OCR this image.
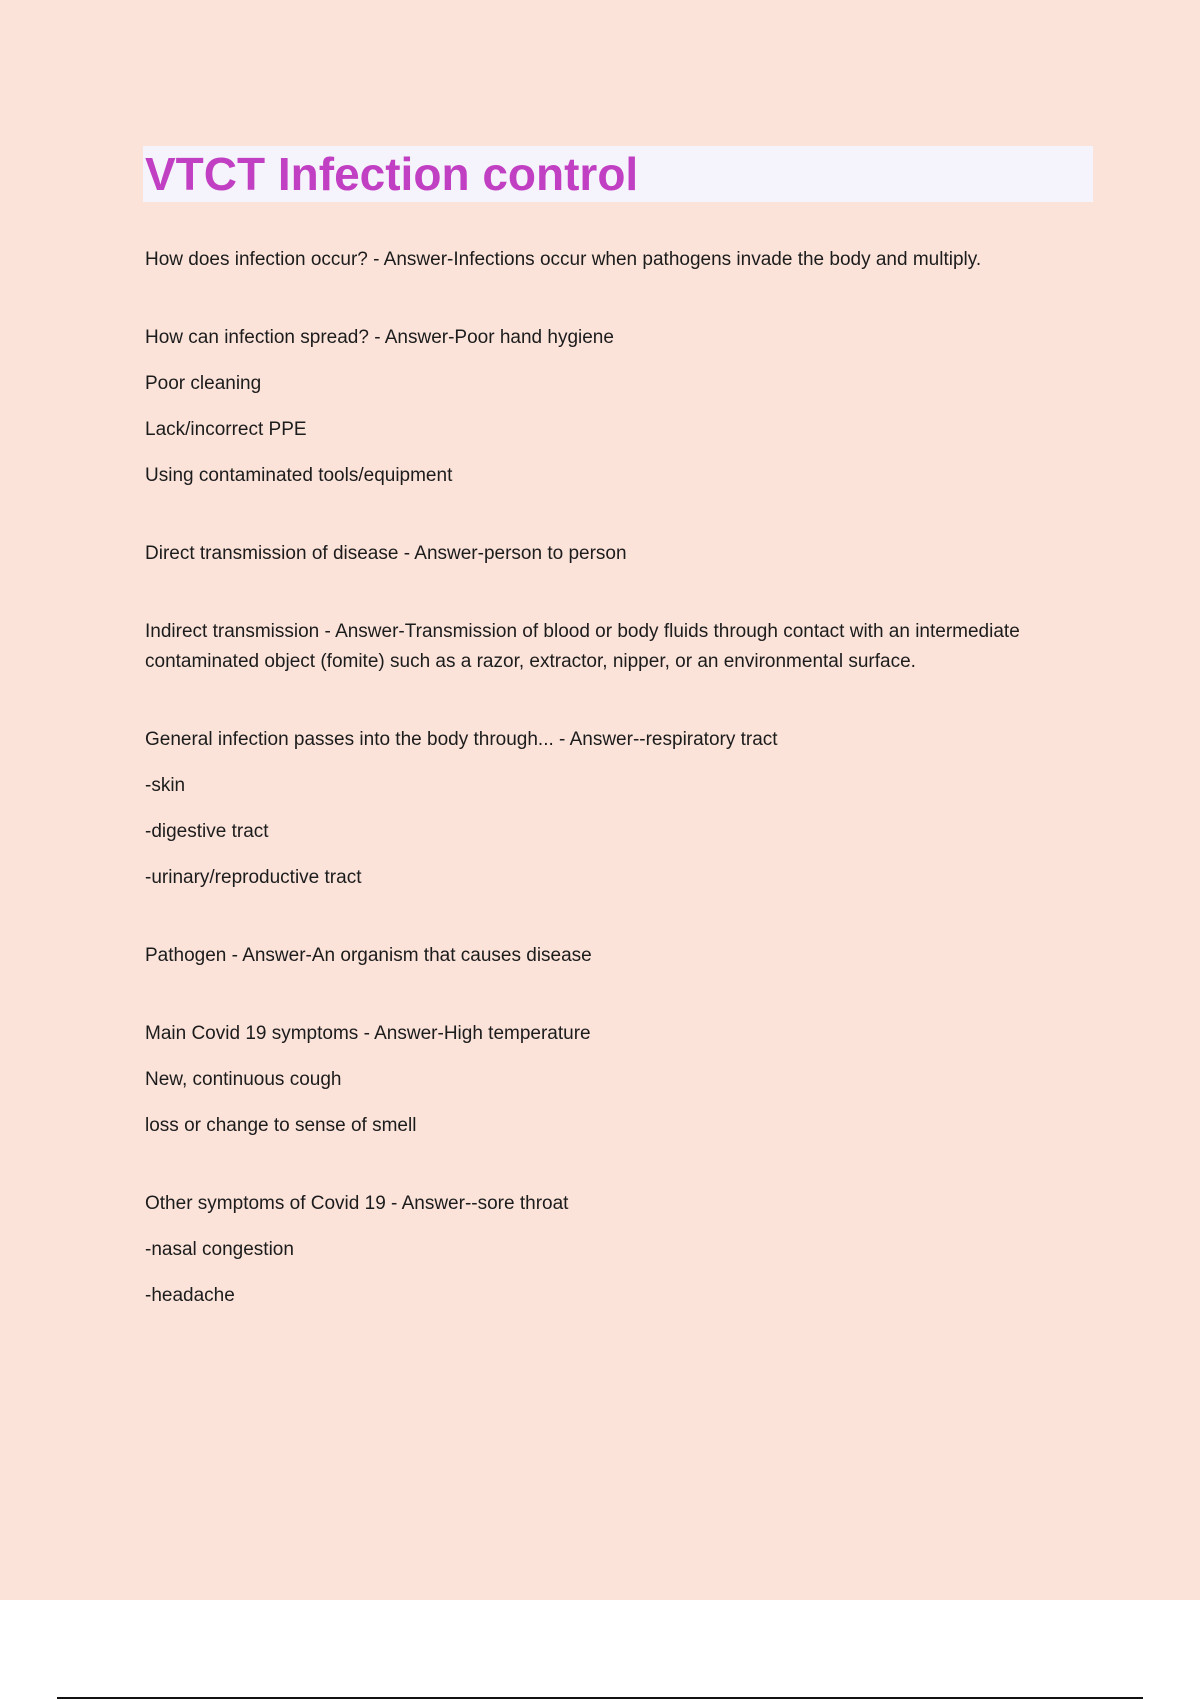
VTCT Infection control
How does infection occur? - Answer-Infections occur when pathogens invade the body and multiply.
How can infection spread? - Answer-Poor hand hygiene
Poor cleaning
Lack/incorrect PPE
Using contaminated tools/equipment
Direct transmission of disease - Answer-person to person
Indirect transmission - Answer-Transmission of blood or body fluids through contact with an intermediate contaminated object (fomite) such as a razor, extractor, nipper, or an environmental surface.
General infection passes into the body through... - Answer--respiratory tract
-skin
-digestive tract
-urinary/reproductive tract
Pathogen - Answer-An organism that causes disease
Main Covid 19 symptoms - Answer-High temperature
New, continuous cough
loss or change to sense of smell
Other symptoms of Covid 19 - Answer--sore throat
-nasal congestion
-headache
